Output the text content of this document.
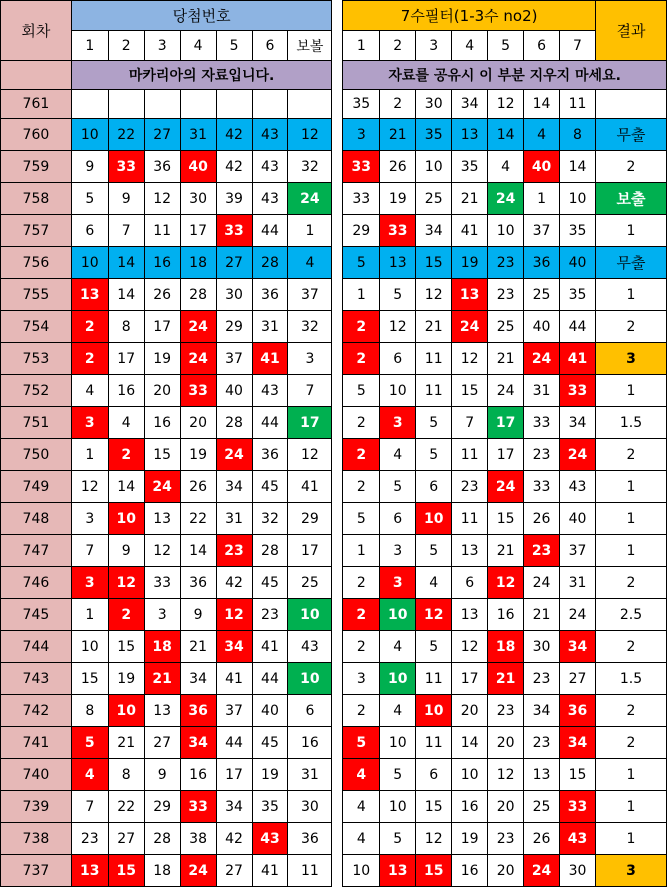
회차	당첨번호								7수필터(1-3수 no2)							결과
	1	2	3	4	5	6	보볼		1	2	3	4	5	6	7	
	마카리아의 자료입니다.								자료를 공유시 이 부분 지우지 마세요.							
761									35	2	30	34	12	14	11	
760	10	22	27	31	42	43	12		3	21	35	13	14	4	8	무출
759	9	33	36	40	42	43	32		33	26	10	35	4	40	14	2
758	5	9	12	30	39	43	24		33	19	25	21	24	1	10	보출
757	6	7	11	17	33	44	1		29	33	34	41	10	37	35	1
756	10	14	16	18	27	28	4		5	13	15	19	23	36	40	무출
755	13	14	26	28	30	36	37		1	5	12	13	23	25	35	1
754	2	8	17	24	29	31	32		2	12	21	24	25	40	44	2
753	2	17	19	24	37	41	3		2	6	11	12	21	24	41	3
752	4	16	20	33	40	43	7		5	10	11	15	24	31	33	1
751	3	4	16	20	28	44	17		2	3	5	7	17	33	34	1.5
750	1	2	15	19	24	36	12		2	4	5	11	17	23	24	2
749	12	14	24	26	34	45	41		2	5	6	23	24	33	43	1
748	3	10	13	22	31	32	29		5	6	10	11	15	26	40	1
747	7	9	12	14	23	28	17		1	3	5	13	21	23	37	1
746	3	12	33	36	42	45	25		2	3	4	6	12	24	31	2
745	1	2	3	9	12	23	10		2	10	12	13	16	21	24	2.5
744	10	15	18	21	34	41	43		2	4	5	12	18	30	34	2
743	15	19	21	34	41	44	10		3	10	11	17	21	23	27	1.5
742	8	10	13	36	37	40	6		2	4	10	20	23	34	36	2
741	5	21	27	34	44	45	16		5	10	11	14	20	23	34	2
740	4	8	9	16	17	19	31		4	5	6	10	12	13	15	1
739	7	22	29	33	34	35	30		4	10	15	16	20	25	33	1
738	23	27	28	38	42	43	36		4	5	12	19	23	26	43	1
737	13	15	18	24	27	41	11		10	13	15	16	20	24	30	3
